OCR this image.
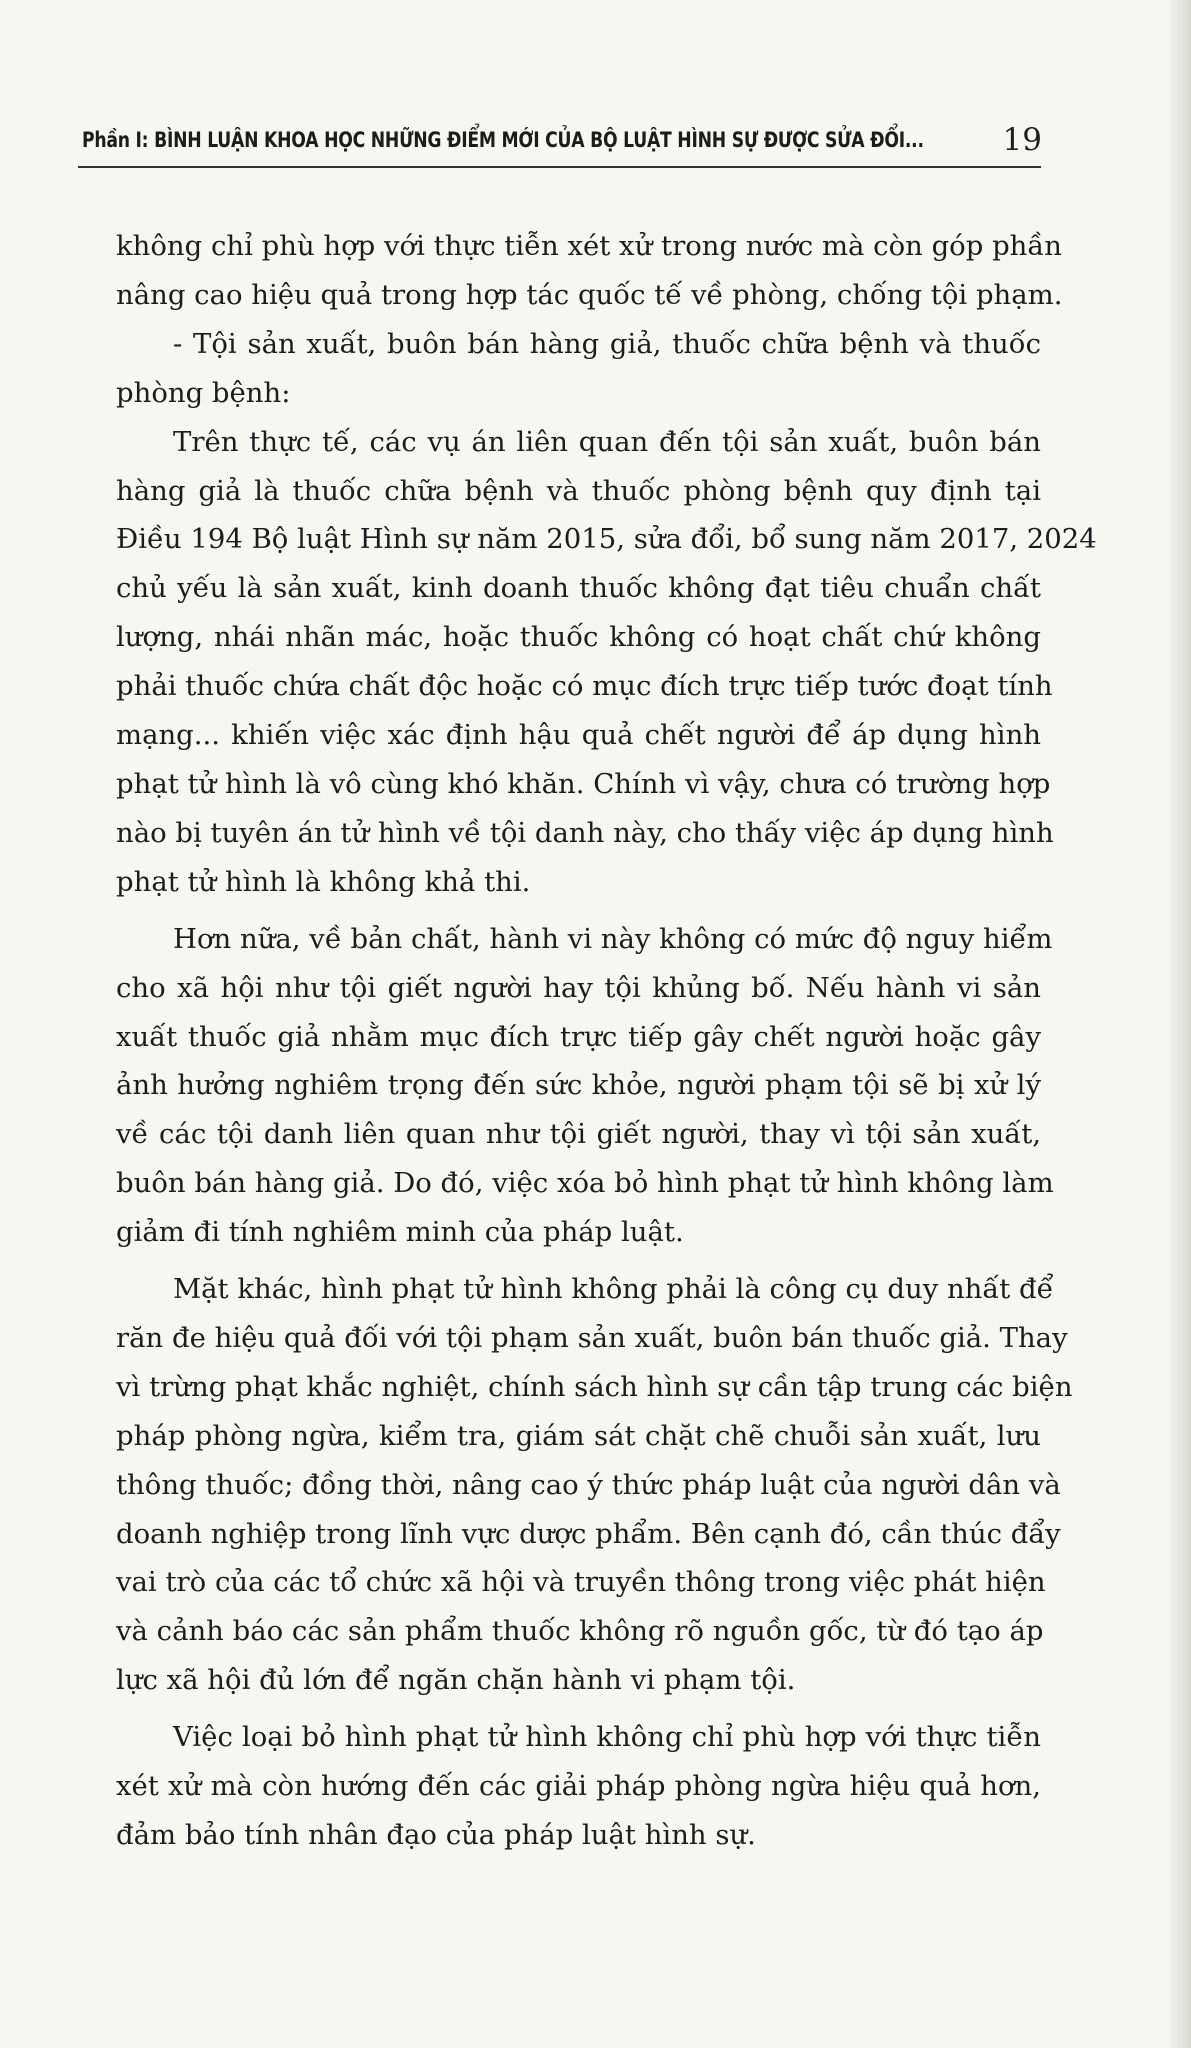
Phần I: BÌNH LUẬN KHOA HỌC NHỮNG ĐIỂM MỚI CỦA BỘ LUẬT HÌNH SỰ ĐƯỢC SỬA ĐỔI...	19
không chỉ phù hợp với thực tiễn xét xử trong nước mà còn góp phần
nâng cao hiệu quả trong hợp tác quốc tế về phòng, chống tội phạm.
- Tội sản xuất, buôn bán hàng giả, thuốc chữa bệnh và thuốc
phòng bệnh:
Trên thực tế, các vụ án liên quan đến tội sản xuất, buôn bán
hàng giả là thuốc chữa bệnh và thuốc phòng bệnh quy định tại
Điều 194 Bộ luật Hình sự năm 2015, sửa đổi, bổ sung năm 2017, 2024
chủ yếu là sản xuất, kinh doanh thuốc không đạt tiêu chuẩn chất
lượng, nhái nhãn mác, hoặc thuốc không có hoạt chất chứ không
phải thuốc chứa chất độc hoặc có mục đích trực tiếp tước đoạt tính
mạng... khiến việc xác định hậu quả chết người để áp dụng hình
phạt tử hình là vô cùng khó khăn. Chính vì vậy, chưa có trường hợp
nào bị tuyên án tử hình về tội danh này, cho thấy việc áp dụng hình
phạt tử hình là không khả thi.
Hơn nữa, về bản chất, hành vi này không có mức độ nguy hiểm
cho xã hội như tội giết người hay tội khủng bố. Nếu hành vi sản
xuất thuốc giả nhằm mục đích trực tiếp gây chết người hoặc gây
ảnh hưởng nghiêm trọng đến sức khỏe, người phạm tội sẽ bị xử lý
về các tội danh liên quan như tội giết người, thay vì tội sản xuất,
buôn bán hàng giả. Do đó, việc xóa bỏ hình phạt tử hình không làm
giảm đi tính nghiêm minh của pháp luật.
Mặt khác, hình phạt tử hình không phải là công cụ duy nhất để
răn đe hiệu quả đối với tội phạm sản xuất, buôn bán thuốc giả. Thay
vì trừng phạt khắc nghiệt, chính sách hình sự cần tập trung các biện
pháp phòng ngừa, kiểm tra, giám sát chặt chẽ chuỗi sản xuất, lưu
thông thuốc; đồng thời, nâng cao ý thức pháp luật của người dân và
doanh nghiệp trong lĩnh vực dược phẩm. Bên cạnh đó, cần thúc đẩy
vai trò của các tổ chức xã hội và truyền thông trong việc phát hiện
và cảnh báo các sản phẩm thuốc không rõ nguồn gốc, từ đó tạo áp
lực xã hội đủ lớn để ngăn chặn hành vi phạm tội.
Việc loại bỏ hình phạt tử hình không chỉ phù hợp với thực tiễn
xét xử mà còn hướng đến các giải pháp phòng ngừa hiệu quả hơn,
đảm bảo tính nhân đạo của pháp luật hình sự.
